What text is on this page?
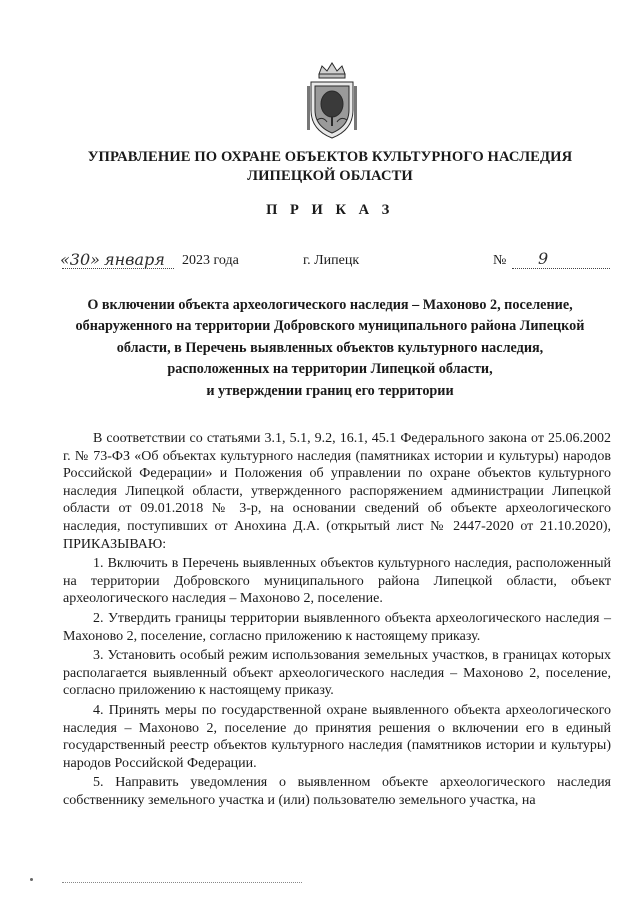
УПРАВЛЕНИЕ ПО ОХРАНЕ ОБЪЕКТОВ КУЛЬТУРНОГО НАСЛЕДИЯ
ЛИПЕЦКОЙ ОБЛАСТИ
П Р И К А З
«30» января 2023 года	г. Липецк	№ 9
О включении объекта археологического наследия – Махоново 2, поселение,
обнаруженного на территории Добровского муниципального района Липецкой
области, в Перечень выявленных объектов культурного наследия,
расположенных на территории Липецкой области,
и утверждении границ его территории
В соответствии со статьями 3.1, 5.1, 9.2, 16.1, 45.1 Федерального закона от 25.06.2002 г. № 73-ФЗ «Об объектах культурного наследия (памятниках истории и культуры) народов Российской Федерации» и Положения об управлении по охране объектов культурного наследия Липецкой области, утвержденного распоряжением администрации Липецкой области от 09.01.2018 № 3-р, на основании сведений об объекте археологического наследия, поступивших от Анохина Д.А. (открытый лист № 2447-2020 от 21.10.2020), ПРИКАЗЫВАЮ:
1. Включить в Перечень выявленных объектов культурного наследия, расположенный на территории Добровского муниципального района Липецкой области, объект археологического наследия – Махоново 2, поселение.
2. Утвердить границы территории выявленного объекта археологического наследия – Махоново 2, поселение, согласно приложению к настоящему приказу.
3. Установить особый режим использования земельных участков, в границах которых располагается выявленный объект археологического наследия – Махоново 2, поселение, согласно приложению к настоящему приказу.
4. Принять меры по государственной охране выявленного объекта археологического наследия – Махоново 2, поселение до принятия решения о включении его в единый государственный реестр объектов культурного наследия (памятников истории и культуры) народов Российской Федерации.
5. Направить уведомления о выявленном объекте археологического наследия собственнику земельного участка и (или) пользователю земельного участка, на
